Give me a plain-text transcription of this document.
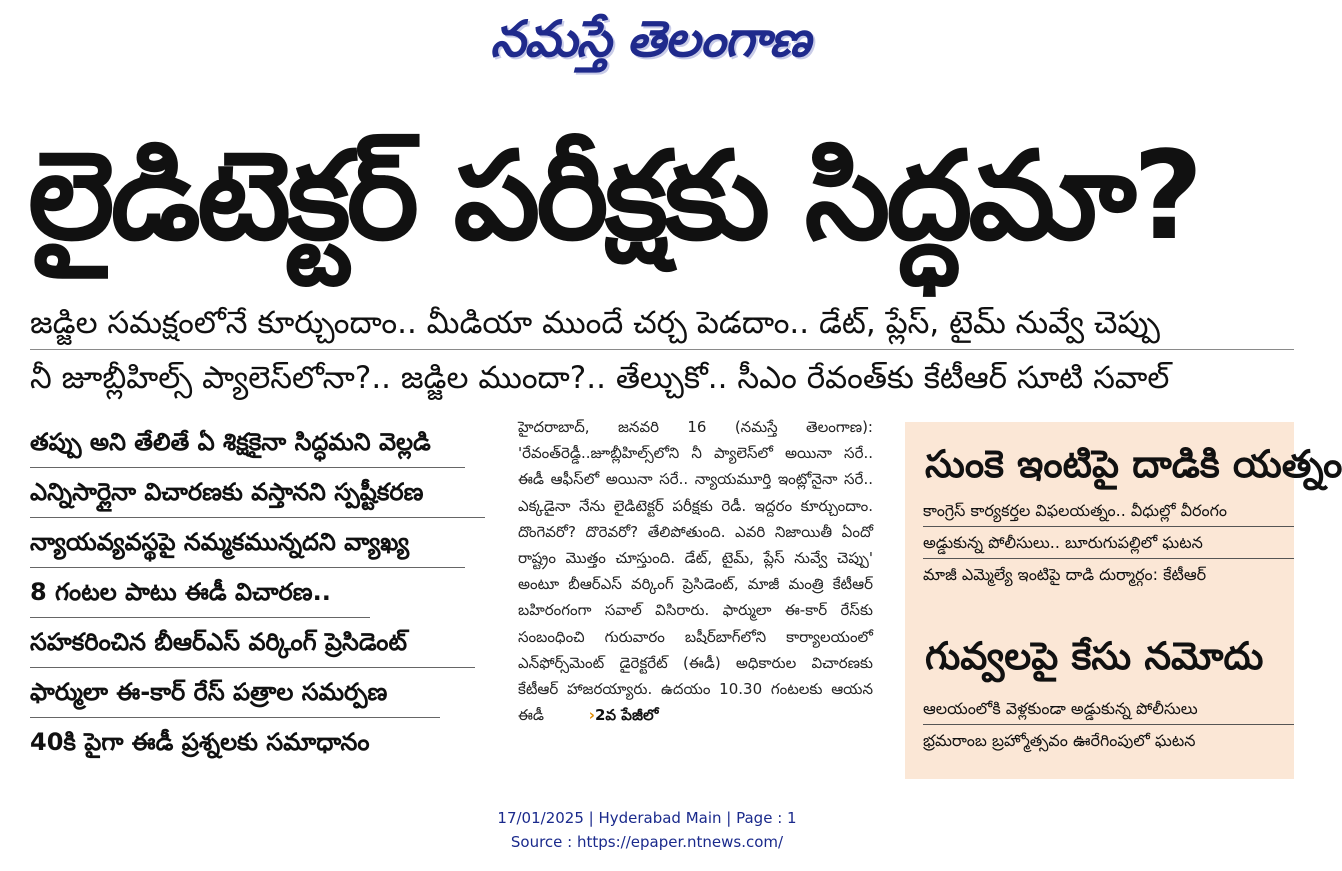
నమస్తే తెలంగాణ
లైడిటెక్టర్ పరీక్షకు సిద్ధమా?
జడ్జిల సమక్షంలోనే కూర్చుందాం.. మీడియా ముందే చర్చ పెడదాం.. డేట్, ప్లేస్, టైమ్ నువ్వే చెప్పు
నీ జూబ్లీహిల్స్ ప్యాలెస్‌లోనా?.. జడ్జిల ముందా?.. తేల్చుకో.. సీఎం రేవంత్‌కు కేటీఆర్ సూటి సవాల్
తప్పు అని తేలితే ఏ శిక్షకైనా సిద్ధమని వెల్లడి
ఎన్నిసార్లైనా విచారణకు వస్తానని స్పష్టీకరణ
న్యాయవ్యవస్థపై నమ్మకమున్నదని వ్యాఖ్య
8 గంటల పాటు ఈడీ విచారణ..
సహకరించిన బీఆర్‌ఎస్ వర్కింగ్ ప్రెసిడెంట్
ఫార్ములా ఈ-కార్ రేస్ పత్రాల సమర్పణ
40కి పైగా ఈడీ ప్రశ్నలకు సమాధానం

హైదరాబాద్, జనవరి 16 (నమస్తే తెలంగాణ): 'రేవంత్‌రెడ్డీ..జూబ్లీహిల్స్‌లోని నీ ప్యాలెస్‌లో అయినా సరే.. ఈడీ ఆఫీస్‌లో అయినా సరే.. న్యాయమూర్తి ఇంట్లోనైనా సరే.. ఎక్కడైనా నేను లైడిటెక్టర్ పరీక్షకు రెడీ. ఇద్దరం కూర్చుందాం. దొంగెవరో? దొరెవరో? తేలిపోతుంది. ఎవరి నిజాయితీ ఏందో రాష్ట్రం మొత్తం చూస్తుంది. డేట్, టైమ్, ప్లేస్ నువ్వే చెప్పు' అంటూ బీఆర్ఎస్ వర్కింగ్ ప్రెసిడెంట్, మాజీ మంత్రి కేటీఆర్ బహిరంగంగా సవాల్ విసిరారు. ఫార్ములా ఈ-కార్ రేస్‌కు సంబంధించి గురువారం బషీర్‌బాగ్‌లోని కార్యాలయంలో ఎన్‌ఫోర్స్‌మెంట్ డైరెక్టరేట్ (ఈడీ) అధికారుల విచారణకు కేటీఆర్ హాజరయ్యారు. ఉదయం 10.30 గంటలకు ఆయన ఈడీ	›2వ పేజీలో

సుంకె ఇంటిపై దాడికి యత్నం
కాంగ్రెస్ కార్యకర్తల విఫలయత్నం.. వీధుల్లో వీరంగం
అడ్డుకున్న పోలీసులు.. బూరుగుపల్లిలో ఘటన
మాజీ ఎమ్మెల్యే ఇంటిపై దాడి దుర్మార్గం: కేటీఆర్
గువ్వలపై కేసు నమోదు
ఆలయంలోకి వెళ్లకుండా అడ్డుకున్న పోలీసులు
భ్రమరాంబ బ్రహ్మోత్సవం ఊరేగింపులో ఘటన
17/01/2025 | Hyderabad Main | Page : 1
Source : https://epaper.ntnews.com/
